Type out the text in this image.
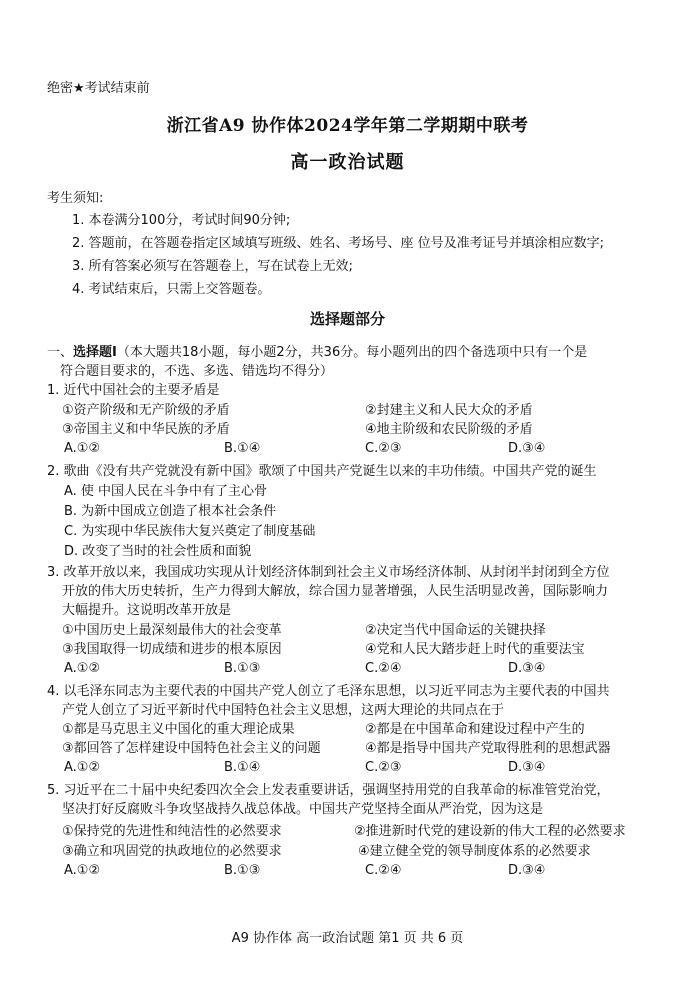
绝密★考试结束前
浙江省A9 协作体2024学年第二学期期中联考
高一政治试题
考生须知:
1. 本卷满分100分，考试时间90分钟;
2. 答题前，在答题卷指定区域填写班级、姓名、考场号、座 位号及准考证号并填涂相应数字;
3. 所有答案必须写在答题卷上，写在试卷上无效;
4. 考试结束后，只需上交答题卷。
选择题部分
一、选择题Ⅰ（本大题共18小题，每小题2分，共36分。每小题列出的四个备选项中只有一个是
符合题目要求的，不选、多选、错选均不得分）
1. 近代中国社会的主要矛盾是
①资产阶级和无产阶级的矛盾	②封建主义和人民大众的矛盾
③帝国主义和中华民族的矛盾	④地主阶级和农民阶级的矛盾
A.①②	B.①④	C.②③	D.③④
2. 歌曲《没有共产党就没有新中国》歌颂了中国共产党诞生以来的丰功伟绩。中国共产党的诞生
A. 使 中国人民在斗争中有了主心骨
B. 为新中国成立创造了根本社会条件
C. 为实现中华民族伟大复兴奠定了制度基础
D. 改变了当时的社会性质和面貌
3. 改革开放以来，我国成功实现从计划经济体制到社会主义市场经济体制、从封闭半封闭到全方位
开放的伟大历史转折，生产力得到大解放，综合国力显著增强，人民生活明显改善，国际影响力
大幅提升。这说明改革开放是
①中国历史上最深刻最伟大的社会变革	②决定当代中国命运的关键抉择
③我国取得一切成绩和进步的根本原因	④党和人民大踏步赶上时代的重要法宝
A.①②	B.①③	C.②④	D.③④
4. 以毛泽东同志为主要代表的中国共产党人创立了毛泽东思想，以习近平同志为主要代表的中国共
产党人创立了习近平新时代中国特色社会主义思想，这两大理论的共同点在于
①都是马克思主义中国化的重大理论成果	②都是在中国革命和建设过程中产生的
③都回答了怎样建设中国特色社会主义的问题	④都是指导中国共产党取得胜利的思想武器
A.①②	B.①④	C.②③	D.③④
5. 习近平在二十届中央纪委四次全会上发表重要讲话，强调坚持用党的自我革命的标准管党治党，
坚决打好反腐败斗争攻坚战持久战总体战。中国共产党坚持全面从严治党，因为这是
①保持党的先进性和纯洁性的必然要求	②推进新时代党的建设新的伟大工程的必然要求
③确立和巩固党的执政地位的必然要求	④建立健全党的领导制度体系的必然要求
A.①②	B.①③	C.②④	D.③④
A9 协作体 高一政治试题 第1 页 共 6 页
